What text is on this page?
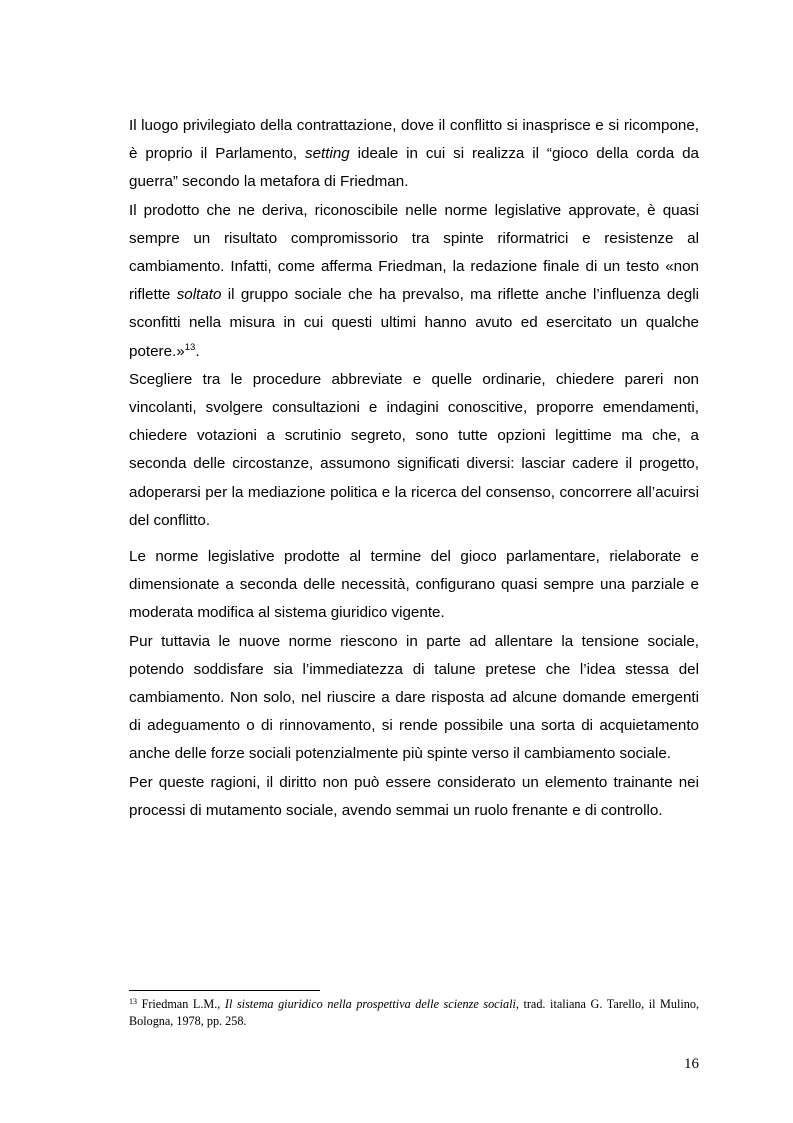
Il luogo privilegiato della contrattazione, dove il conflitto si inasprisce e si ricompone, è proprio il Parlamento, setting ideale in cui si realizza il “gioco della corda da guerra” secondo la metafora di Friedman.

Il prodotto che ne deriva, riconoscibile nelle norme legislative approvate, è quasi sempre un risultato compromissorio tra spinte riformatrici e resistenze al cambiamento. Infatti, come afferma Friedman, la redazione finale di un testo «non riflette soltato il gruppo sociale che ha prevalso, ma riflette anche l’influenza degli sconfitti nella misura in cui questi ultimi hanno avuto ed esercitato un qualche potere.»$^{13}$.

Scegliere tra le procedure abbreviate e quelle ordinarie, chiedere pareri non vincolanti, svolgere consultazioni e indagini conoscitive, proporre emendamenti, chiedere votazioni a scrutinio segreto, sono tutte opzioni legittime ma che, a seconda delle circostanze, assumono significati diversi: lasciar cadere il progetto, adoperarsi per la mediazione politica e la ricerca del consenso, concorrere all’acuirsi del conflitto.

Le norme legislative prodotte al termine del gioco parlamentare, rielaborate e dimensionate a seconda delle necessità, configurano quasi sempre una parziale e moderata modifica al sistema giuridico vigente.

Pur tuttavia le nuove norme riescono in parte ad allentare la tensione sociale, potendo soddisfare sia l’immediatezza di talune pretese che l’idea stessa del cambiamento. Non solo, nel riuscire a dare risposta ad alcune domande emergenti di adeguamento o di rinnovamento, si rende possibile una sorta di acquietamento anche delle forze sociali potenzialmente più spinte verso il cambiamento sociale.

Per queste ragioni, il diritto non può essere considerato un elemento trainante nei processi di mutamento sociale, avendo semmai un ruolo frenante e di controllo.

$^{13}$ Friedman L.M., Il sistema giuridico nella prospettiva delle scienze sociali, trad. italiana G. Tarello, il Mulino, Bologna, 1978, pp. 258.
16
